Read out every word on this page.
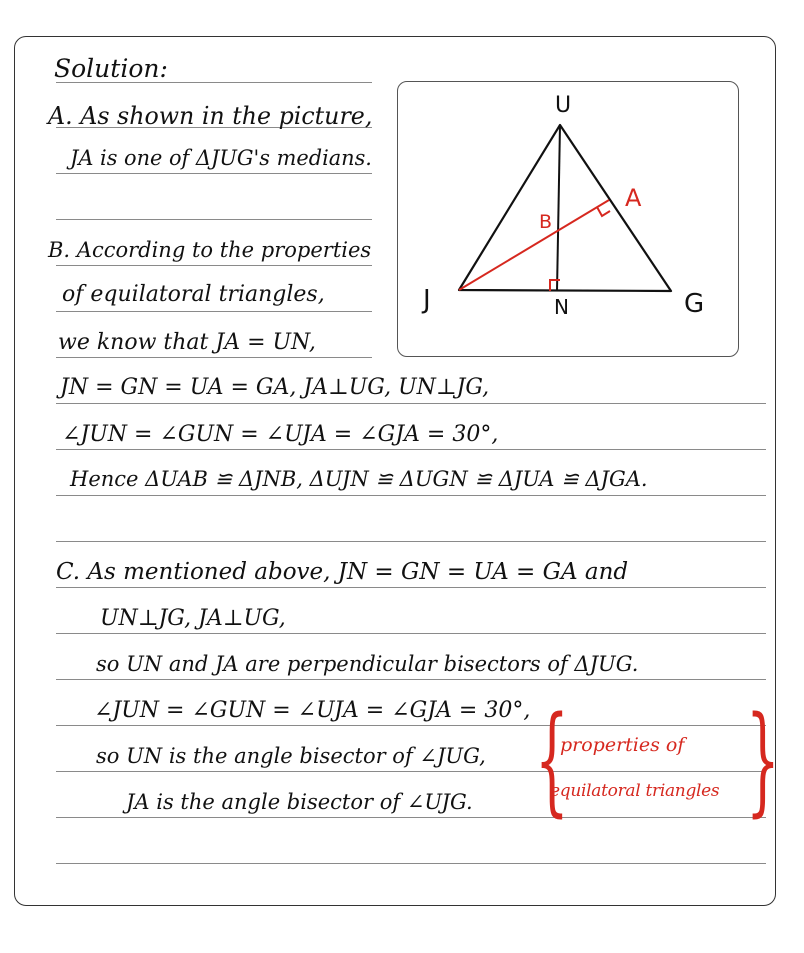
Solution:
A. As shown in the picture,
JA is one of ΔJUG's medians.
B. According to the properties
of equilatoral triangles,
we know that JA = UN,
JN = GN = UA = GA, JA⊥UG, UN⊥JG,
∠JUN = ∠GUN = ∠UJA = ∠GJA = 30°,
Hence ΔUAB ≌ ΔJNB, ΔUJN ≌ ΔUGN ≌ ΔJUA ≌ ΔJGA.
C. As mentioned above, JN = GN = UA = GA and
UN⊥JG, JA⊥UG,
so UN and JA are perpendicular bisectors of ΔJUG.
∠JUN = ∠GUN = ∠UJA = ∠GJA = 30°,
so UN is the angle bisector of ∠JUG,
JA is the angle bisector of ∠UJG. { }
properties of
equilatoral triangles
U
A
B
J	N	G
